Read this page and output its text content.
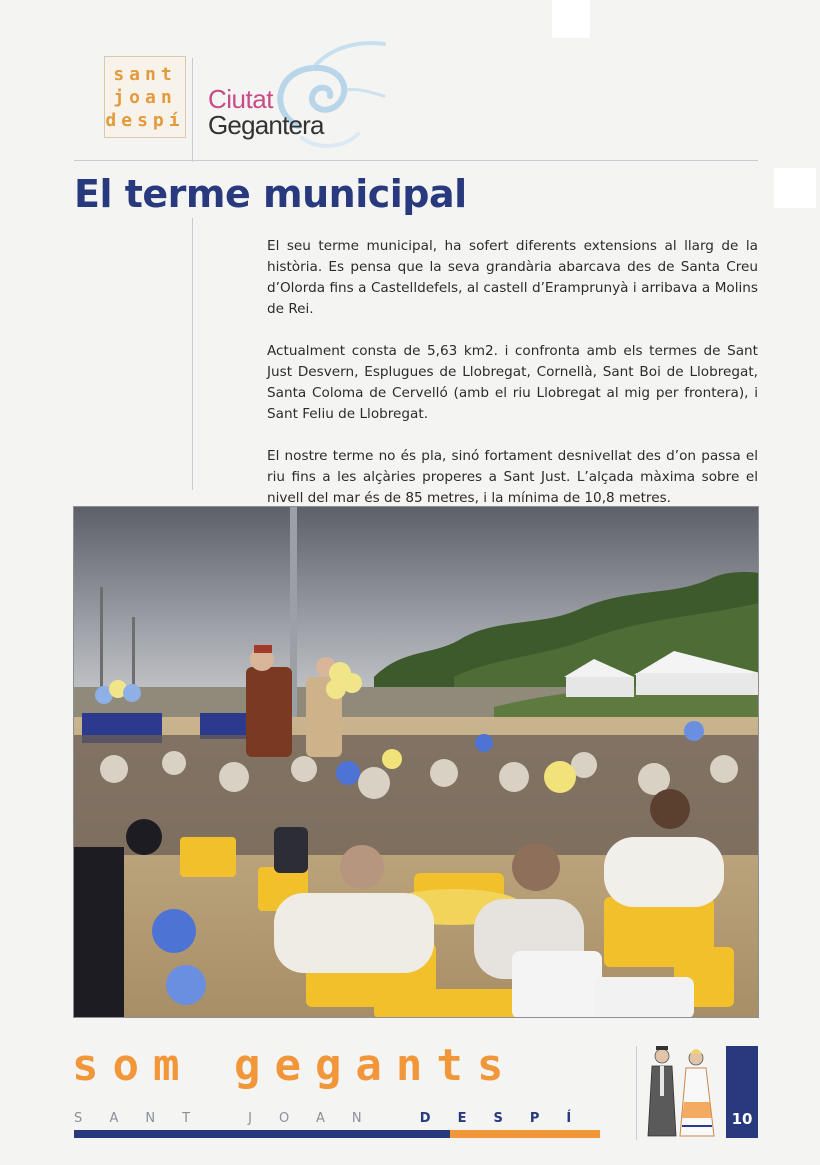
sant
joan
despí
Ciutat
Gegantera
El terme municipal

El seu terme municipal, ha sofert diferents extensions al llarg de la història. Es pensa que la seva grandària abarcava des de Santa Creu d’Olorda fins a Castelldefels, al castell d’Eramprunyà i arribava a Molins de Rei.

Actualment consta de 5,63 km2. i confronta amb els termes de Sant Just Desvern, Esplugues de Llobregat, Cornellà, Sant Boi de Llobregat, Santa Coloma de Cervelló (amb el riu Llobregat al mig per frontera), i Sant Feliu de Llobregat.

El nostre terme no és pla, sinó fortament desnivellat des d’on passa el riu fins a les alçàries properes a Sant Just. L’alçada màxima sobre el nivell del mar és de 85 metres, i la mínima de 10,8 metres.

som gegants
SANT JOAN DESPÍ	10
